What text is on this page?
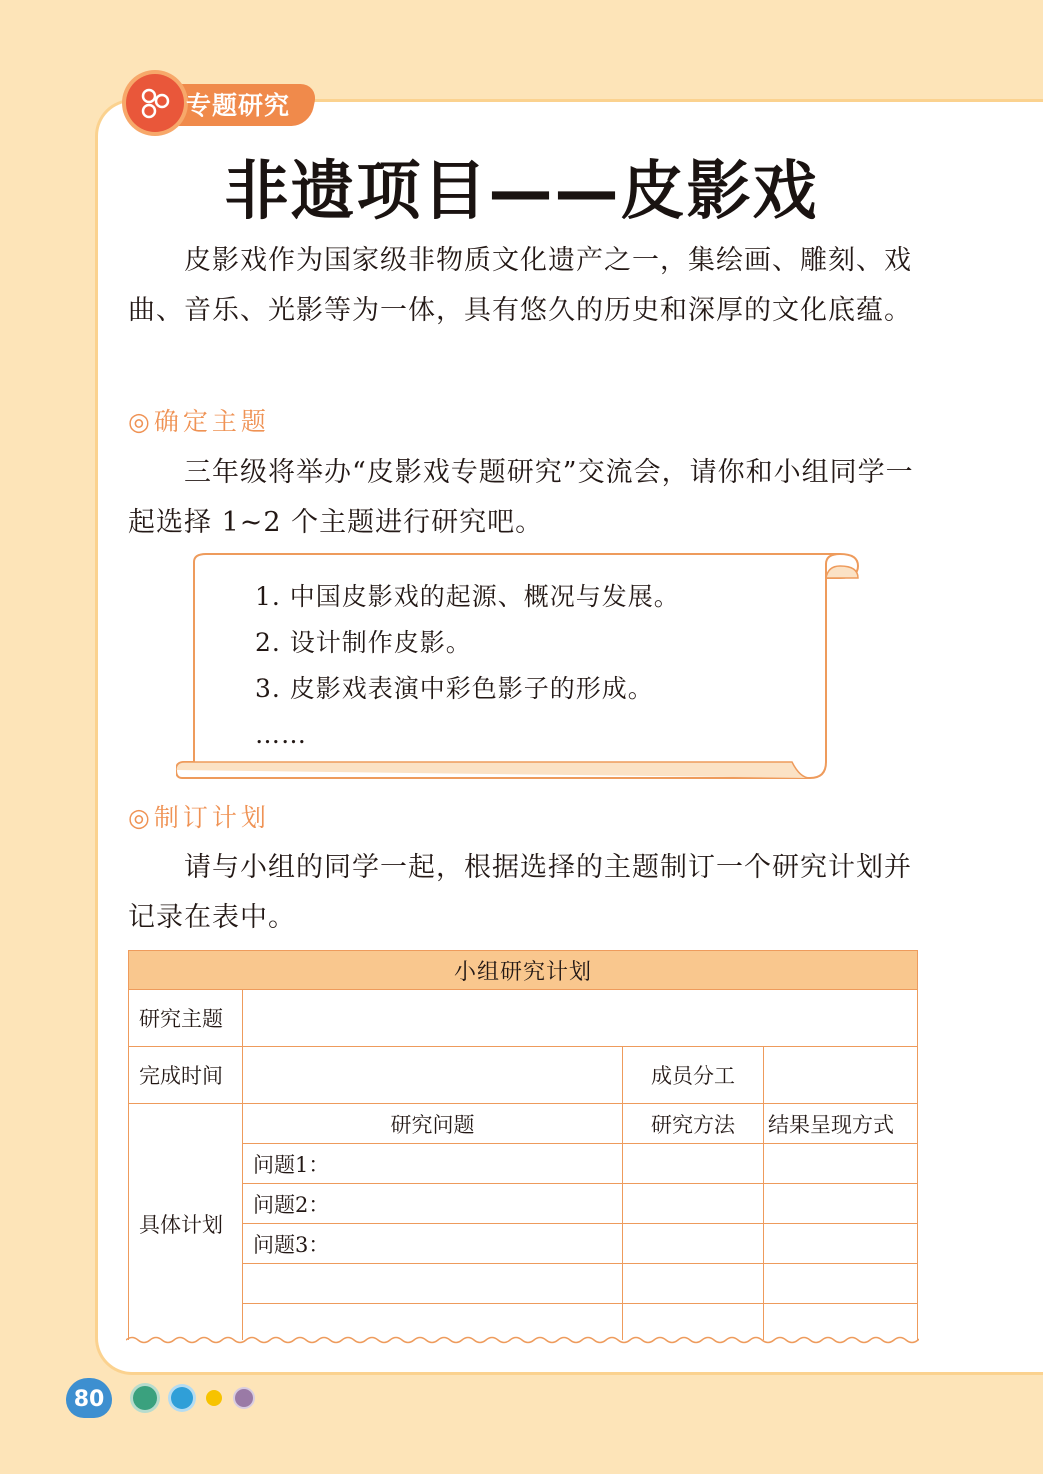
专题研究
非遗项目——皮影戏

皮影戏作为国家级非物质文化遗产之一，集绘画、雕刻、戏曲、音乐、光影等为一体，具有悠久的历史和深厚的文化底蕴。

◎确定主题

三年级将举办“皮影戏专题研究”交流会，请你和小组同学一起选择 1~2 个主题进行研究吧。

1. 中国皮影戏的起源、概况与发展。
2. 设计制作皮影。
3. 皮影戏表演中彩色影子的形成。
……
◎制订计划

请与小组的同学一起，根据选择的主题制订一个研究计划并记录在表中。

小组研究计划			
研究主题			
完成时间		成员分工	
具体计划	研究问题	研究方法	结果呈现方式
	问题1：		
	问题2：		
	问题3：		

80
